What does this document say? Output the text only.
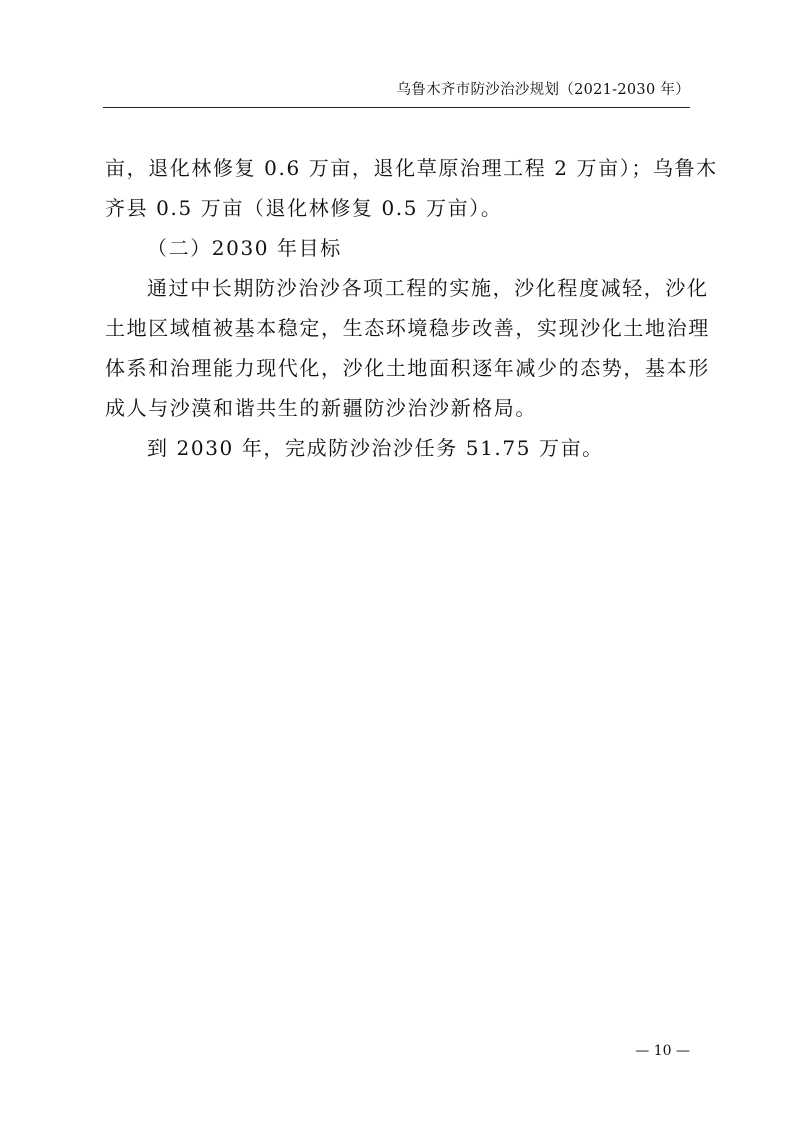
乌鲁木齐市防沙治沙规划（2021-2030 年）
亩，退化林修复 0.6 万亩，退化草原治理工程 2 万亩）；乌鲁木
齐县 0.5 万亩（退化林修复 0.5 万亩）。
（二）2030 年目标
通过中长期防沙治沙各项工程的实施，沙化程度减轻，沙化
土地区域植被基本稳定，生态环境稳步改善，实现沙化土地治理
体系和治理能力现代化，沙化土地面积逐年减少的态势，基本形
成人与沙漠和谐共生的新疆防沙治沙新格局。
到 2030 年，完成防沙治沙任务 51.75 万亩。
— 10 —
